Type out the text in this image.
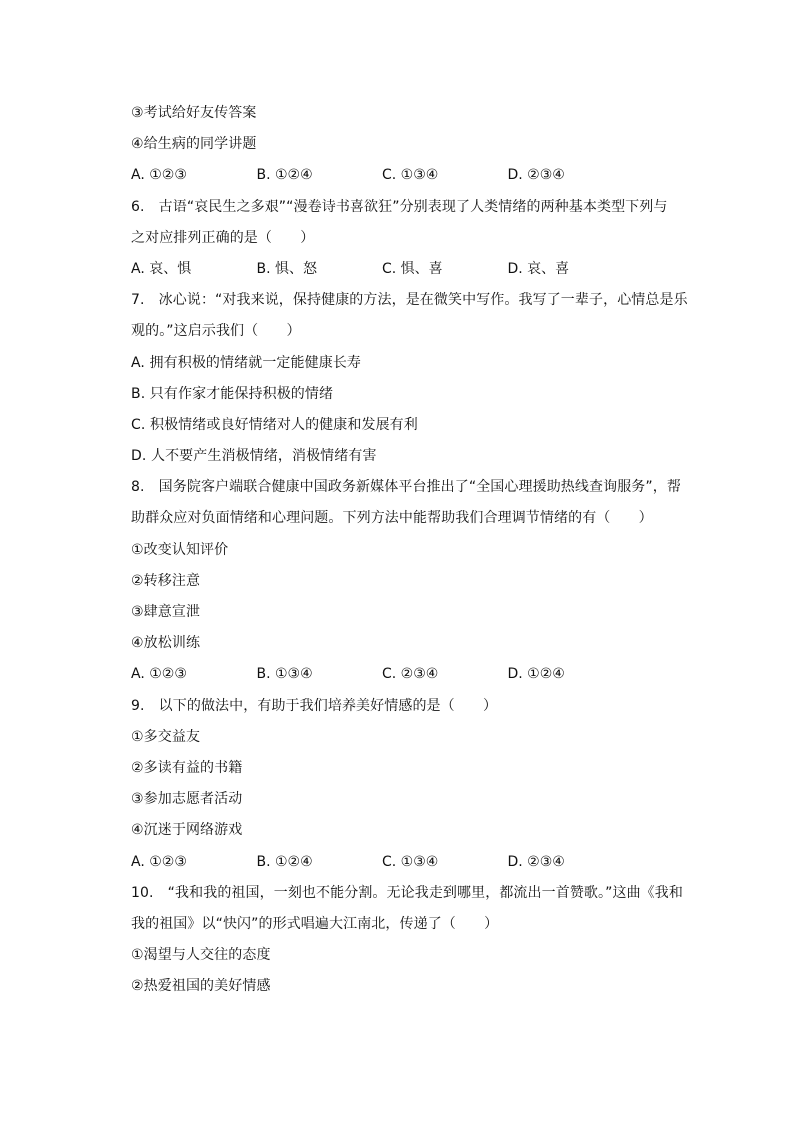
③考试给好友传答案
④给生病的同学讲题
A. ①②③	B. ①②④	C. ①③④	D. ②③④
6.　古语“哀民生之多艰”“漫卷诗书喜欲狂”分别表现了人类情绪的两种基本类型下列与
之对应排列正确的是（　　）
A. 哀、惧	B. 惧、怒	C. 惧、喜	D. 哀、喜
7.　冰心说：“对我来说，保持健康的方法，是在微笑中写作。我写了一辈子，心情总是乐
观的。”这启示我们（　　）
A. 拥有积极的情绪就一定能健康长寿
B. 只有作家才能保持积极的情绪
C. 积极情绪或良好情绪对人的健康和发展有利
D. 人不要产生消极情绪，消极情绪有害
8.　国务院客户端联合健康中国政务新媒体平台推出了“全国心理援助热线查询服务”，帮
助群众应对负面情绪和心理问题。下列方法中能帮助我们合理调节情绪的有（　　）
①改变认知评价
②转移注意
③肆意宣泄
④放松训练
A. ①②③	B. ①③④	C. ②③④	D. ①②④
9.　以下的做法中，有助于我们培养美好情感的是（　　）
①多交益友
②多读有益的书籍
③参加志愿者活动
④沉迷于网络游戏
A. ①②③	B. ①②④	C. ①③④	D. ②③④
10.　“我和我的祖国，一刻也不能分割。无论我走到哪里，都流出一首赞歌。”这曲《我和
我的祖国》以“快闪”的形式唱遍大江南北，传递了（　　）
①渴望与人交往的态度
②热爱祖国的美好情感
